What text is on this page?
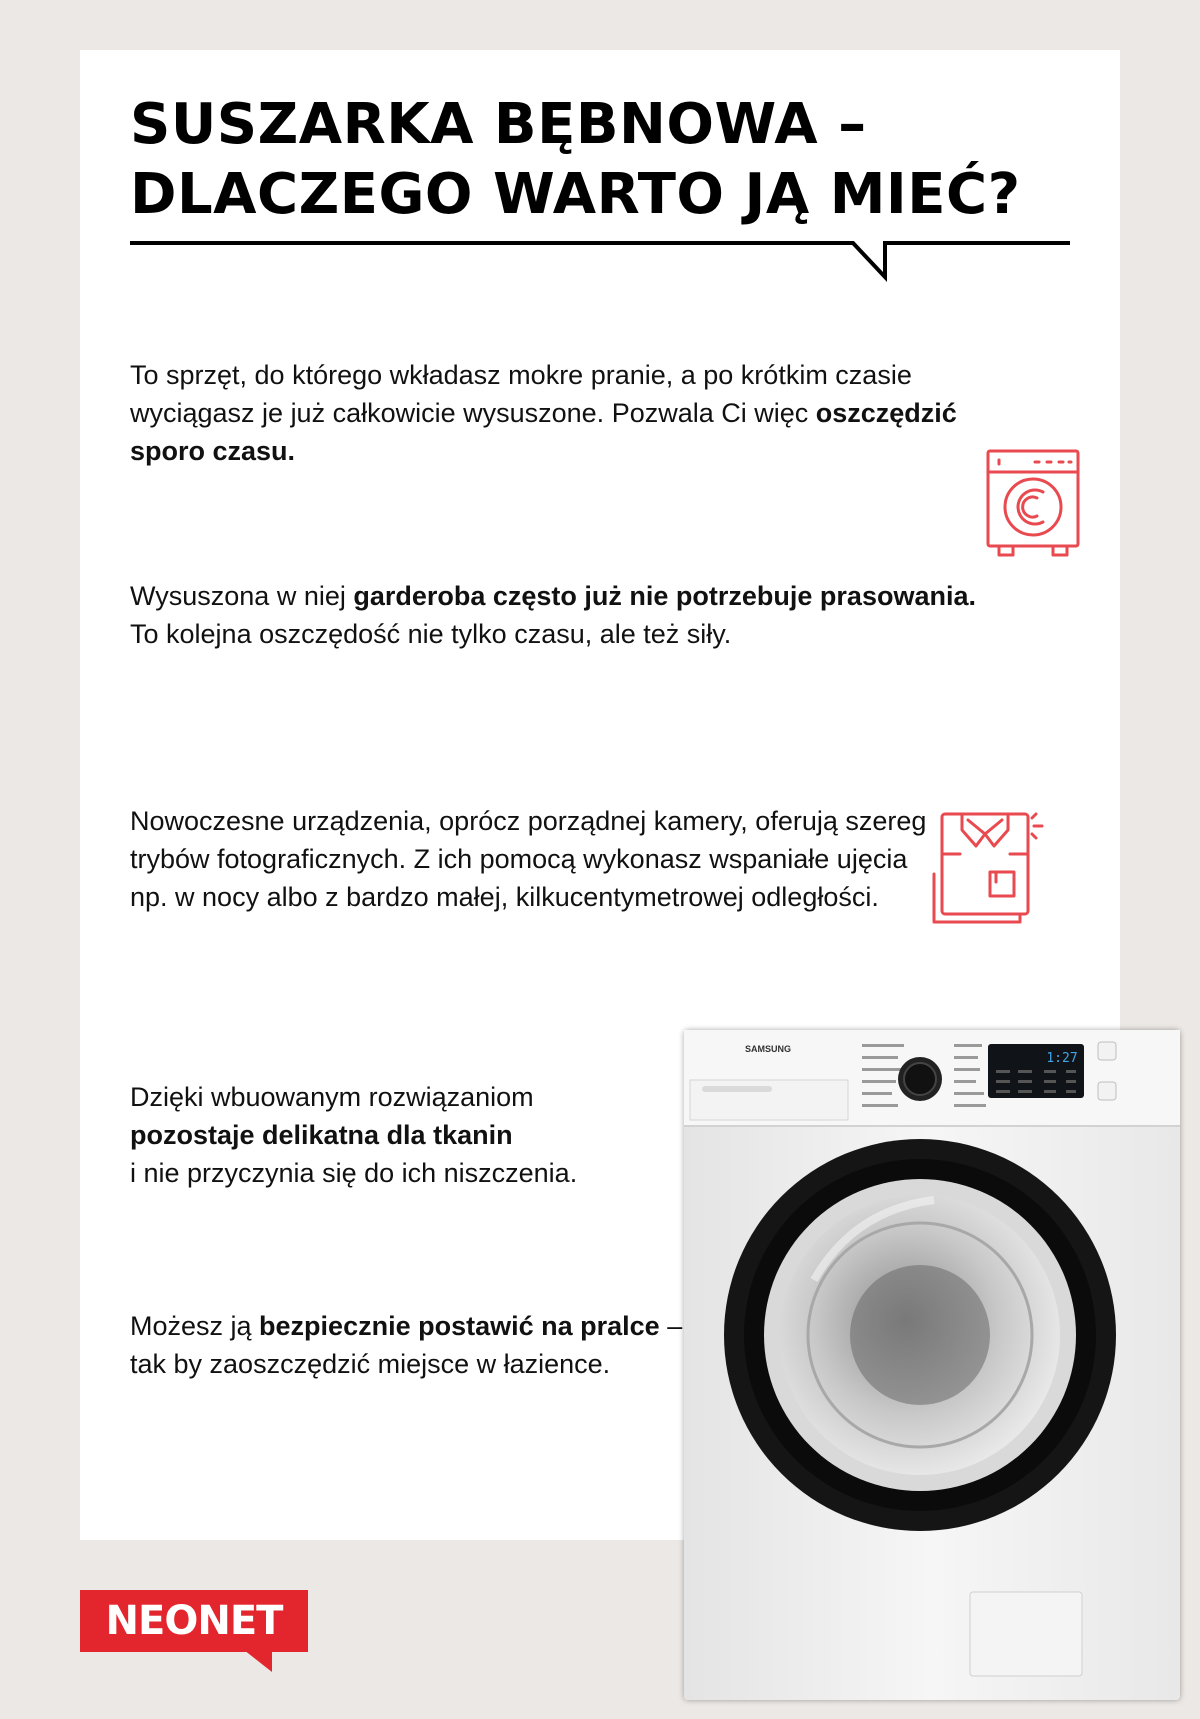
SUSZARKA BĘBNOWA –
DLACZEGO WARTO JĄ MIEĆ?

To sprzęt, do którego wkładasz mokre pranie, a po krótkim czasie wyciągasz je już całkowicie wysuszone. Pozwala Ci więc oszczędzić sporo czasu.

Wysuszona w niej garderoba często już nie potrzebuje prasowania. To kolejna oszczędość nie tylko czasu, ale też siły.

Nowoczesne urządzenia, oprócz porządnej kamery, oferują szereg trybów fotograficznych. Z ich pomocą wykonasz wspaniałe ujęcia np. w nocy albo z bardzo małej, kilkucentymetrowej odległości.

Dzięki wbuowanym rozwiązaniom
pozostaje delikatna dla tkanin
i nie przyczynia się do ich niszczenia.

Możesz ją bezpiecznie postawić na pralce – tak by zaoszczędzić miejsce w łazience.

SAMSUNG
1:27
NEONET
